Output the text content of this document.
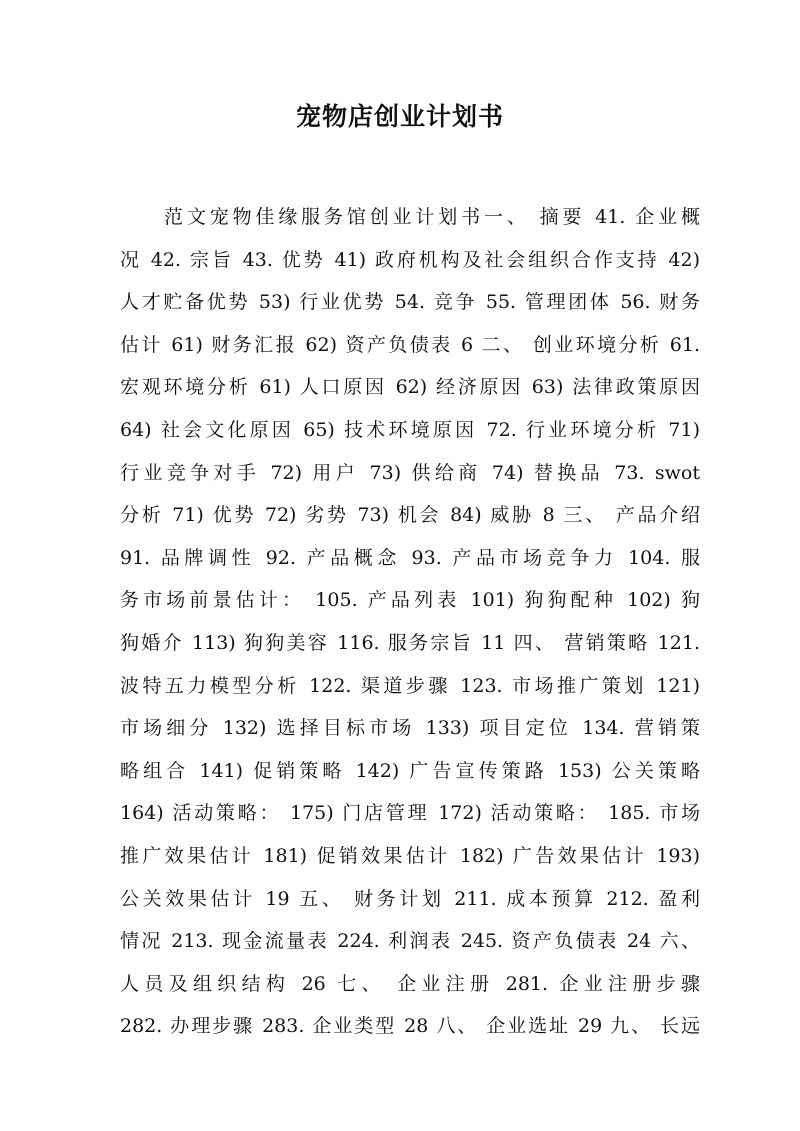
宠物店创业计划书
范文宠物佳缘服务馆创业计划书一、 摘要 41. 企业概
况 42. 宗旨 43. 优势 41) 政府机构及社会组织合作支持 42)
人才贮备优势 53) 行业优势 54. 竞争 55. 管理团体 56. 财务
估计 61) 财务汇报 62) 资产负债表 6 二、 创业环境分析 61.
宏观环境分析 61) 人口原因 62) 经济原因 63) 法律政策原因
64) 社会文化原因 65) 技术环境原因 72. 行业环境分析 71)
行业竞争对手 72) 用户 73) 供给商 74) 替换品 73. swot
分析 71) 优势 72) 劣势 73) 机会 84) 威胁 8 三、 产品介绍
91. 品牌调性 92. 产品概念 93. 产品市场竞争力 104. 服
务市场前景估计： 105. 产品列表 101) 狗狗配种 102) 狗
狗婚介 113) 狗狗美容 116. 服务宗旨 11 四、 营销策略 121.
波特五力模型分析 122. 渠道步骤 123. 市场推广策划 121)
市场细分 132) 选择目标市场 133) 项目定位 134. 营销策
略组合 141) 促销策略 142) 广告宣传策路 153) 公关策略
164) 活动策略： 175) 门店管理 172) 活动策略： 185. 市场
推广效果估计 181) 促销效果估计 182) 广告效果估计 193)
公关效果估计 19 五、 财务计划 211. 成本预算 212. 盈利
情况 213. 现金流量表 224. 利润表 245. 资产负债表 24 六、
人员及组织结构 26 七、 企业注册 281. 企业注册步骤
282. 办理步骤 283. 企业类型 28 八、 企业选址 29 九、 长远
